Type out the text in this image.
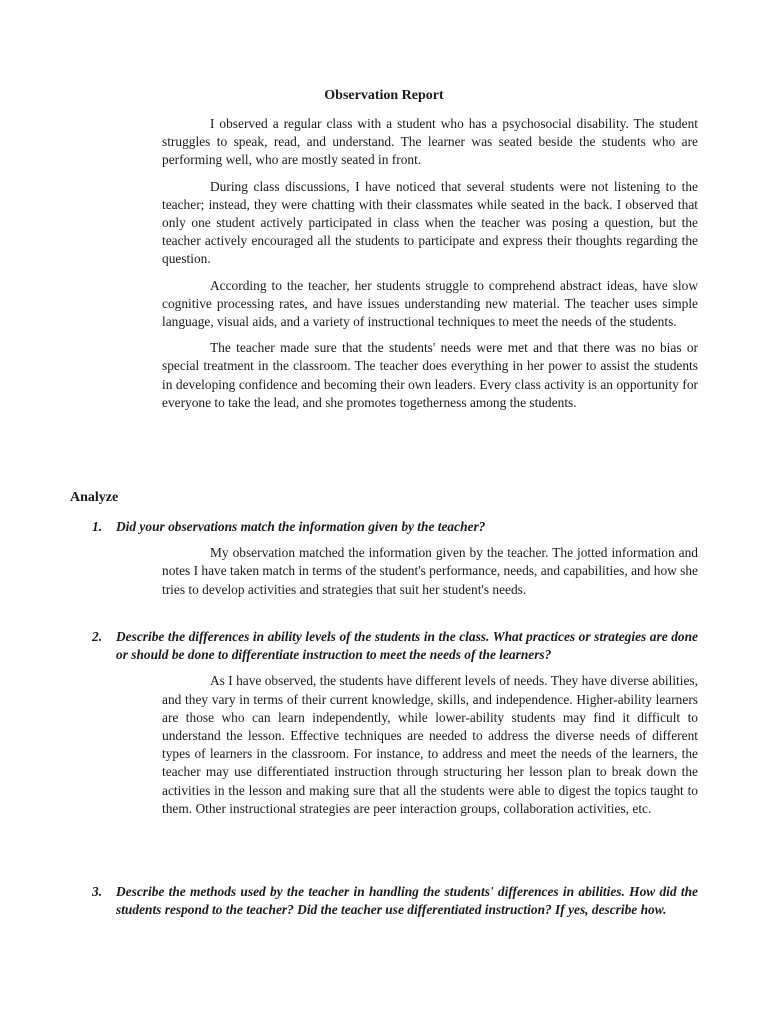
Observation Report

I observed a regular class with a student who has a psychosocial disability. The student struggles to speak, read, and understand. The learner was seated beside the students who are performing well, who are mostly seated in front.

During class discussions, I have noticed that several students were not listening to the teacher; instead, they were chatting with their classmates while seated in the back. I observed that only one student actively participated in class when the teacher was posing a question, but the teacher actively encouraged all the students to participate and express their thoughts regarding the question.

According to the teacher, her students struggle to comprehend abstract ideas, have slow cognitive processing rates, and have issues understanding new material. The teacher uses simple language, visual aids, and a variety of instructional techniques to meet the needs of the students.

The teacher made sure that the students' needs were met and that there was no bias or special treatment in the classroom. The teacher does everything in her power to assist the students in developing confidence and becoming their own leaders. Every class activity is an opportunity for everyone to take the lead, and she promotes togetherness among the students.

Analyze
1.	Did your observations match the information given by the teacher?

My observation matched the information given by the teacher. The jotted information and notes I have taken match in terms of the student's performance, needs, and capabilities, and how she tries to develop activities and strategies that suit her student's needs.

2.	Describe the differences in ability levels of the students in the class. What practices or strategies are done or should be done to differentiate instruction to meet the needs of the learners?

As I have observed, the students have different levels of needs. They have diverse abilities, and they vary in terms of their current knowledge, skills, and independence. Higher-ability learners are those who can learn independently, while lower-ability students may find it difficult to understand the lesson. Effective techniques are needed to address the diverse needs of different types of learners in the classroom. For instance, to address and meet the needs of the learners, the teacher may use differentiated instruction through structuring her lesson plan to break down the activities in the lesson and making sure that all the students were able to digest the topics taught to them. Other instructional strategies are peer interaction groups, collaboration activities, etc.

3.	Describe the methods used by the teacher in handling the students' differences in abilities. How did the students respond to the teacher? Did the teacher use differentiated instruction? If yes, describe how.
